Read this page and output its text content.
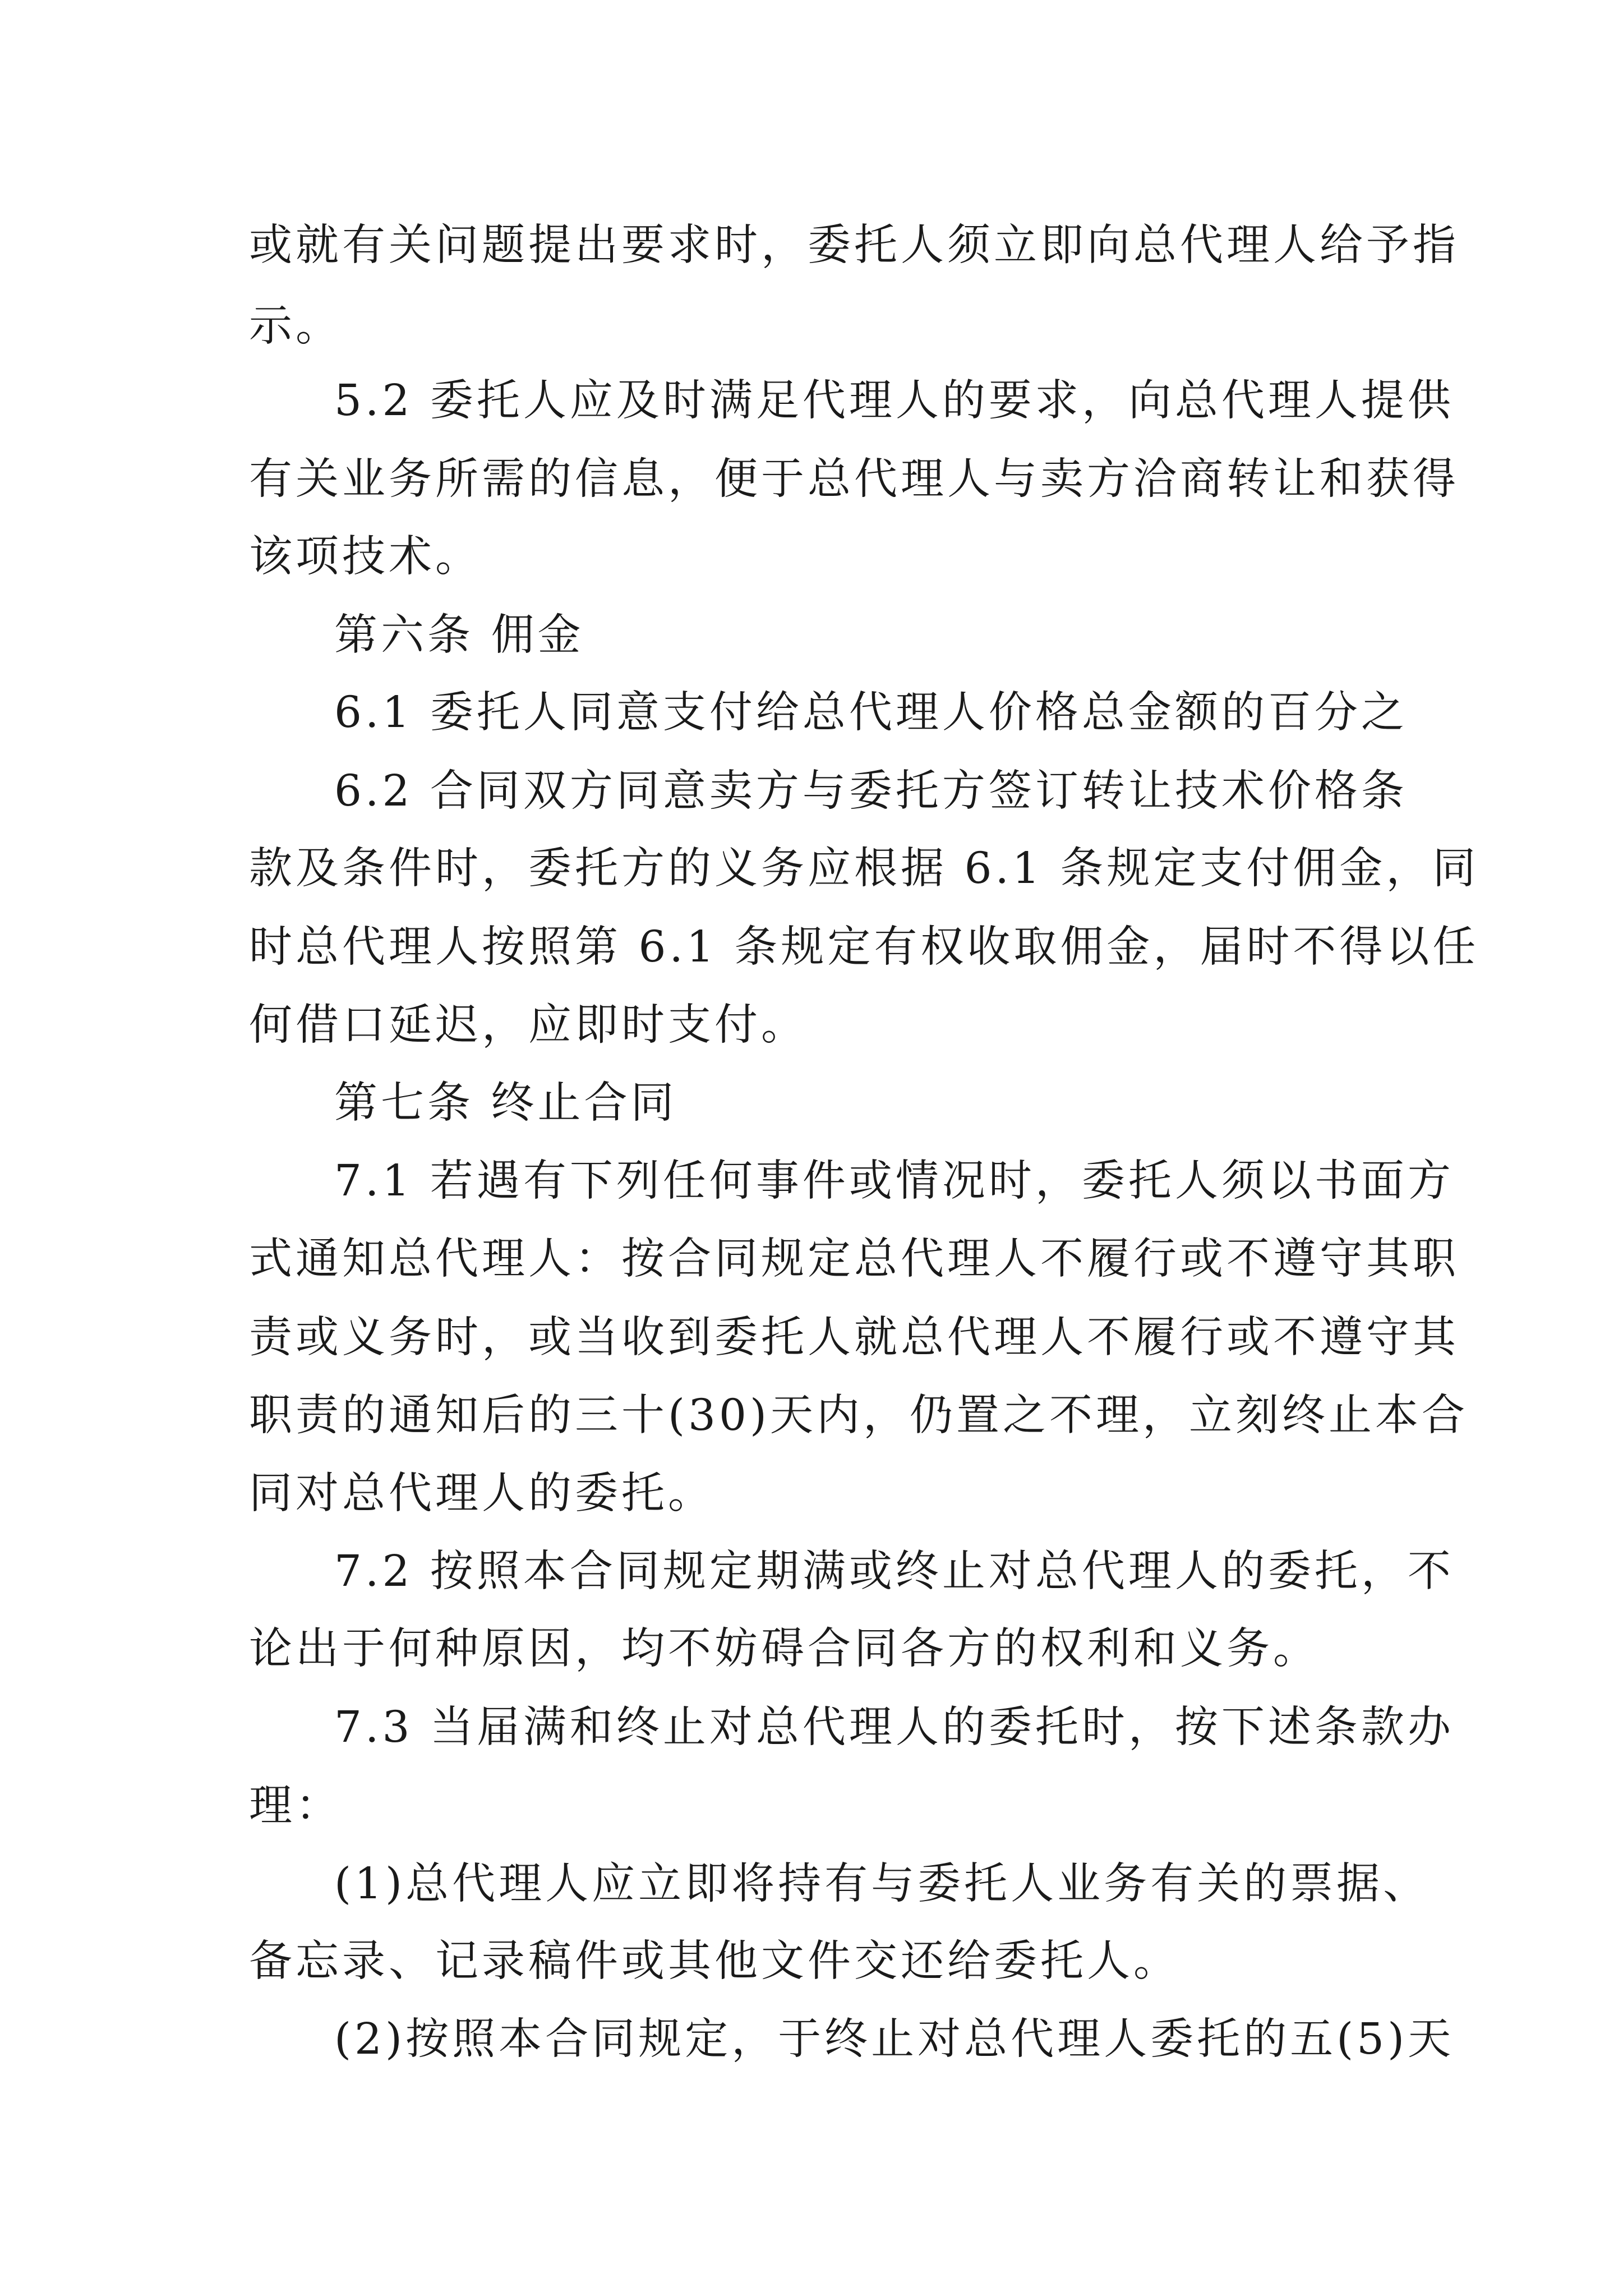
或就有关问题提出要求时，委托人须立即向总代理人给予指

示。

5.2 委托人应及时满足代理人的要求，向总代理人提供

有关业务所需的信息，便于总代理人与卖方洽商转让和获得

该项技术。

第六条 佣金

6.1 委托人同意支付给总代理人价格总金额的百分之

6.2 合同双方同意卖方与委托方签订转让技术价格条

款及条件时，委托方的义务应根据 6.1 条规定支付佣金，同

时总代理人按照第 6.1 条规定有权收取佣金，届时不得以任

何借口延迟，应即时支付。

第七条 终止合同

7.1 若遇有下列任何事件或情况时，委托人须以书面方

式通知总代理人：按合同规定总代理人不履行或不遵守其职

责或义务时，或当收到委托人就总代理人不履行或不遵守其

职责的通知后的三十(30)天内，仍置之不理，立刻终止本合

同对总代理人的委托。

7.2 按照本合同规定期满或终止对总代理人的委托，不

论出于何种原因，均不妨碍合同各方的权利和义务。

7.3 当届满和终止对总代理人的委托时，按下述条款办

理：

(1)总代理人应立即将持有与委托人业务有关的票据、

备忘录、记录稿件或其他文件交还给委托人。

(2)按照本合同规定，于终止对总代理人委托的五(5)天
